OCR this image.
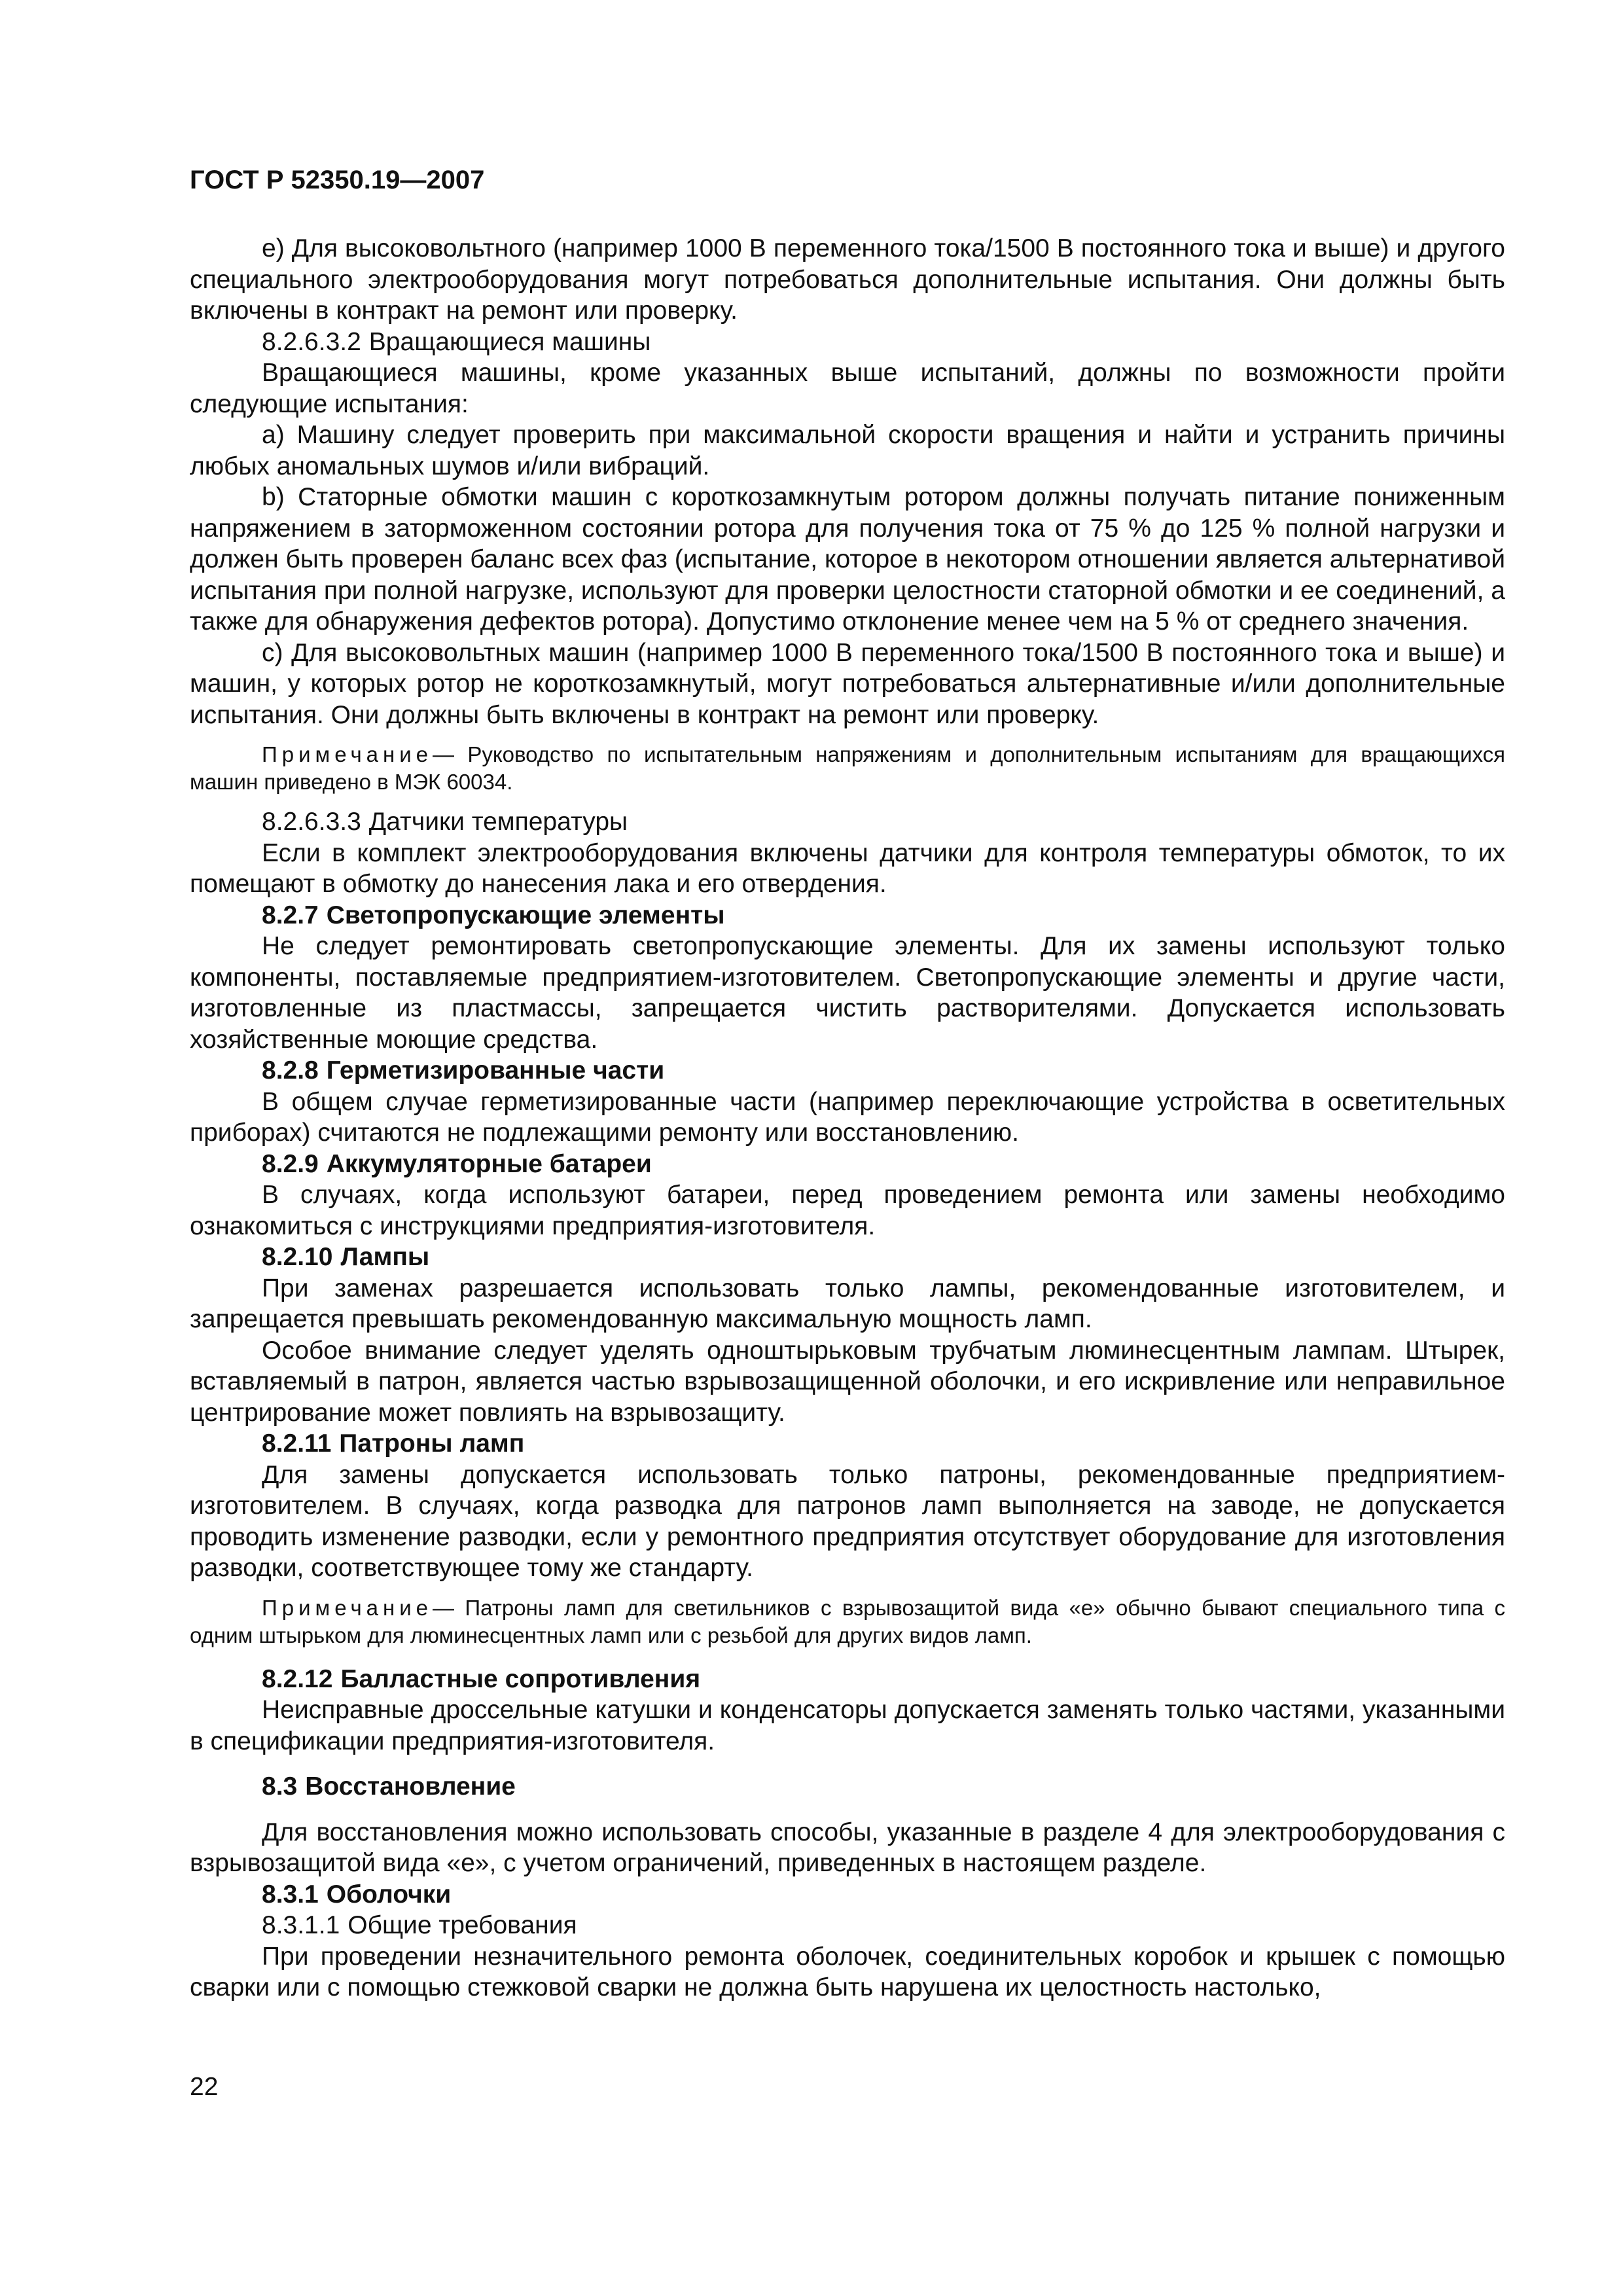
ГОСТ Р 52350.19—2007

е) Для высоковольтного (например 1000 В переменного тока/1500 В постоянного тока и выше) и другого специального электрооборудования могут потребоваться дополнительные испытания. Они должны быть включены в контракт на ремонт или проверку.

8.2.6.3.2 Вращающиеся машины

Вращающиеся машины, кроме указанных выше испытаний, должны по возможности пройти следующие испытания:

а) Машину следует проверить при максимальной скорости вращения и найти и устранить причины любых аномальных шумов и/или вибраций.

b) Статорные обмотки машин с короткозамкнутым ротором должны получать питание пониженным напряжением в заторможенном состоянии ротора для получения тока от 75 % до 125 % полной нагрузки и должен быть проверен баланс всех фаз (испытание, которое в некотором отношении является альтернативой испытания при полной нагрузке, используют для проверки целостности статорной обмотки и ее соединений, а также для обнаружения дефектов ротора). Допустимо отклонение менее чем на 5 % от среднего значения.

с) Для высоковольтных машин (например 1000 В переменного тока/1500 В постоянного тока и выше) и машин, у которых ротор не короткозамкнутый, могут потребоваться альтернативные и/или дополнительные испытания. Они должны быть включены в контракт на ремонт или проверку.

Примечание— Руководство по испытательным напряжениям и дополнительным испытаниям для вращающихся машин приведено в МЭК 60034.

8.2.6.3.3 Датчики температуры

Если в комплект электрооборудования включены датчики для контроля температуры обмоток, то их помещают в обмотку до нанесения лака и его отвердения.

8.2.7 Светопропускающие элементы

Не следует ремонтировать светопропускающие элементы. Для их замены используют только компоненты, поставляемые предприятием-изготовителем. Светопропускающие элементы и другие части, изготовленные из пластмассы, запрещается чистить растворителями. Допускается использовать хозяйственные моющие средства.

8.2.8 Герметизированные части

В общем случае герметизированные части (например переключающие устройства в осветительных приборах) считаются не подлежащими ремонту или восстановлению.

8.2.9 Аккумуляторные батареи

В случаях, когда используют батареи, перед проведением ремонта или замены необходимо ознакомиться с инструкциями предприятия-изготовителя.

8.2.10 Лампы

При заменах разрешается использовать только лампы, рекомендованные изготовителем, и запрещается превышать рекомендованную максимальную мощность ламп.

Особое внимание следует уделять одноштырьковым трубчатым люминесцентным лампам. Штырек, вставляемый в патрон, является частью взрывозащищенной оболочки, и его искривление или неправильное центрирование может повлиять на взрывозащиту.

8.2.11 Патроны ламп

Для замены допускается использовать только патроны, рекомендованные предприятием-изготовителем. В случаях, когда разводка для патронов ламп выполняется на заводе, не допускается проводить изменение разводки, если у ремонтного предприятия отсутствует оборудование для изготовления разводки, соответствующее тому же стандарту.

Примечание— Патроны ламп для светильников с взрывозащитой вида «е» обычно бывают специального типа с одним штырьком для люминесцентных ламп или с резьбой для других видов ламп.

8.2.12 Балластные сопротивления

Неисправные дроссельные катушки и конденсаторы допускается заменять только частями, указанными в спецификации предприятия-изготовителя.

8.3 Восстановление

Для восстановления можно использовать способы, указанные в разделе 4 для электрооборудования с взрывозащитой вида «е», с учетом ограничений, приведенных в настоящем разделе.

8.3.1 Оболочки
8.3.1.1 Общие требования

При проведении незначительного ремонта оболочек, соединительных коробок и крышек с помощью сварки или с помощью стежковой сварки не должна быть нарушена их целостность настолько,

22
